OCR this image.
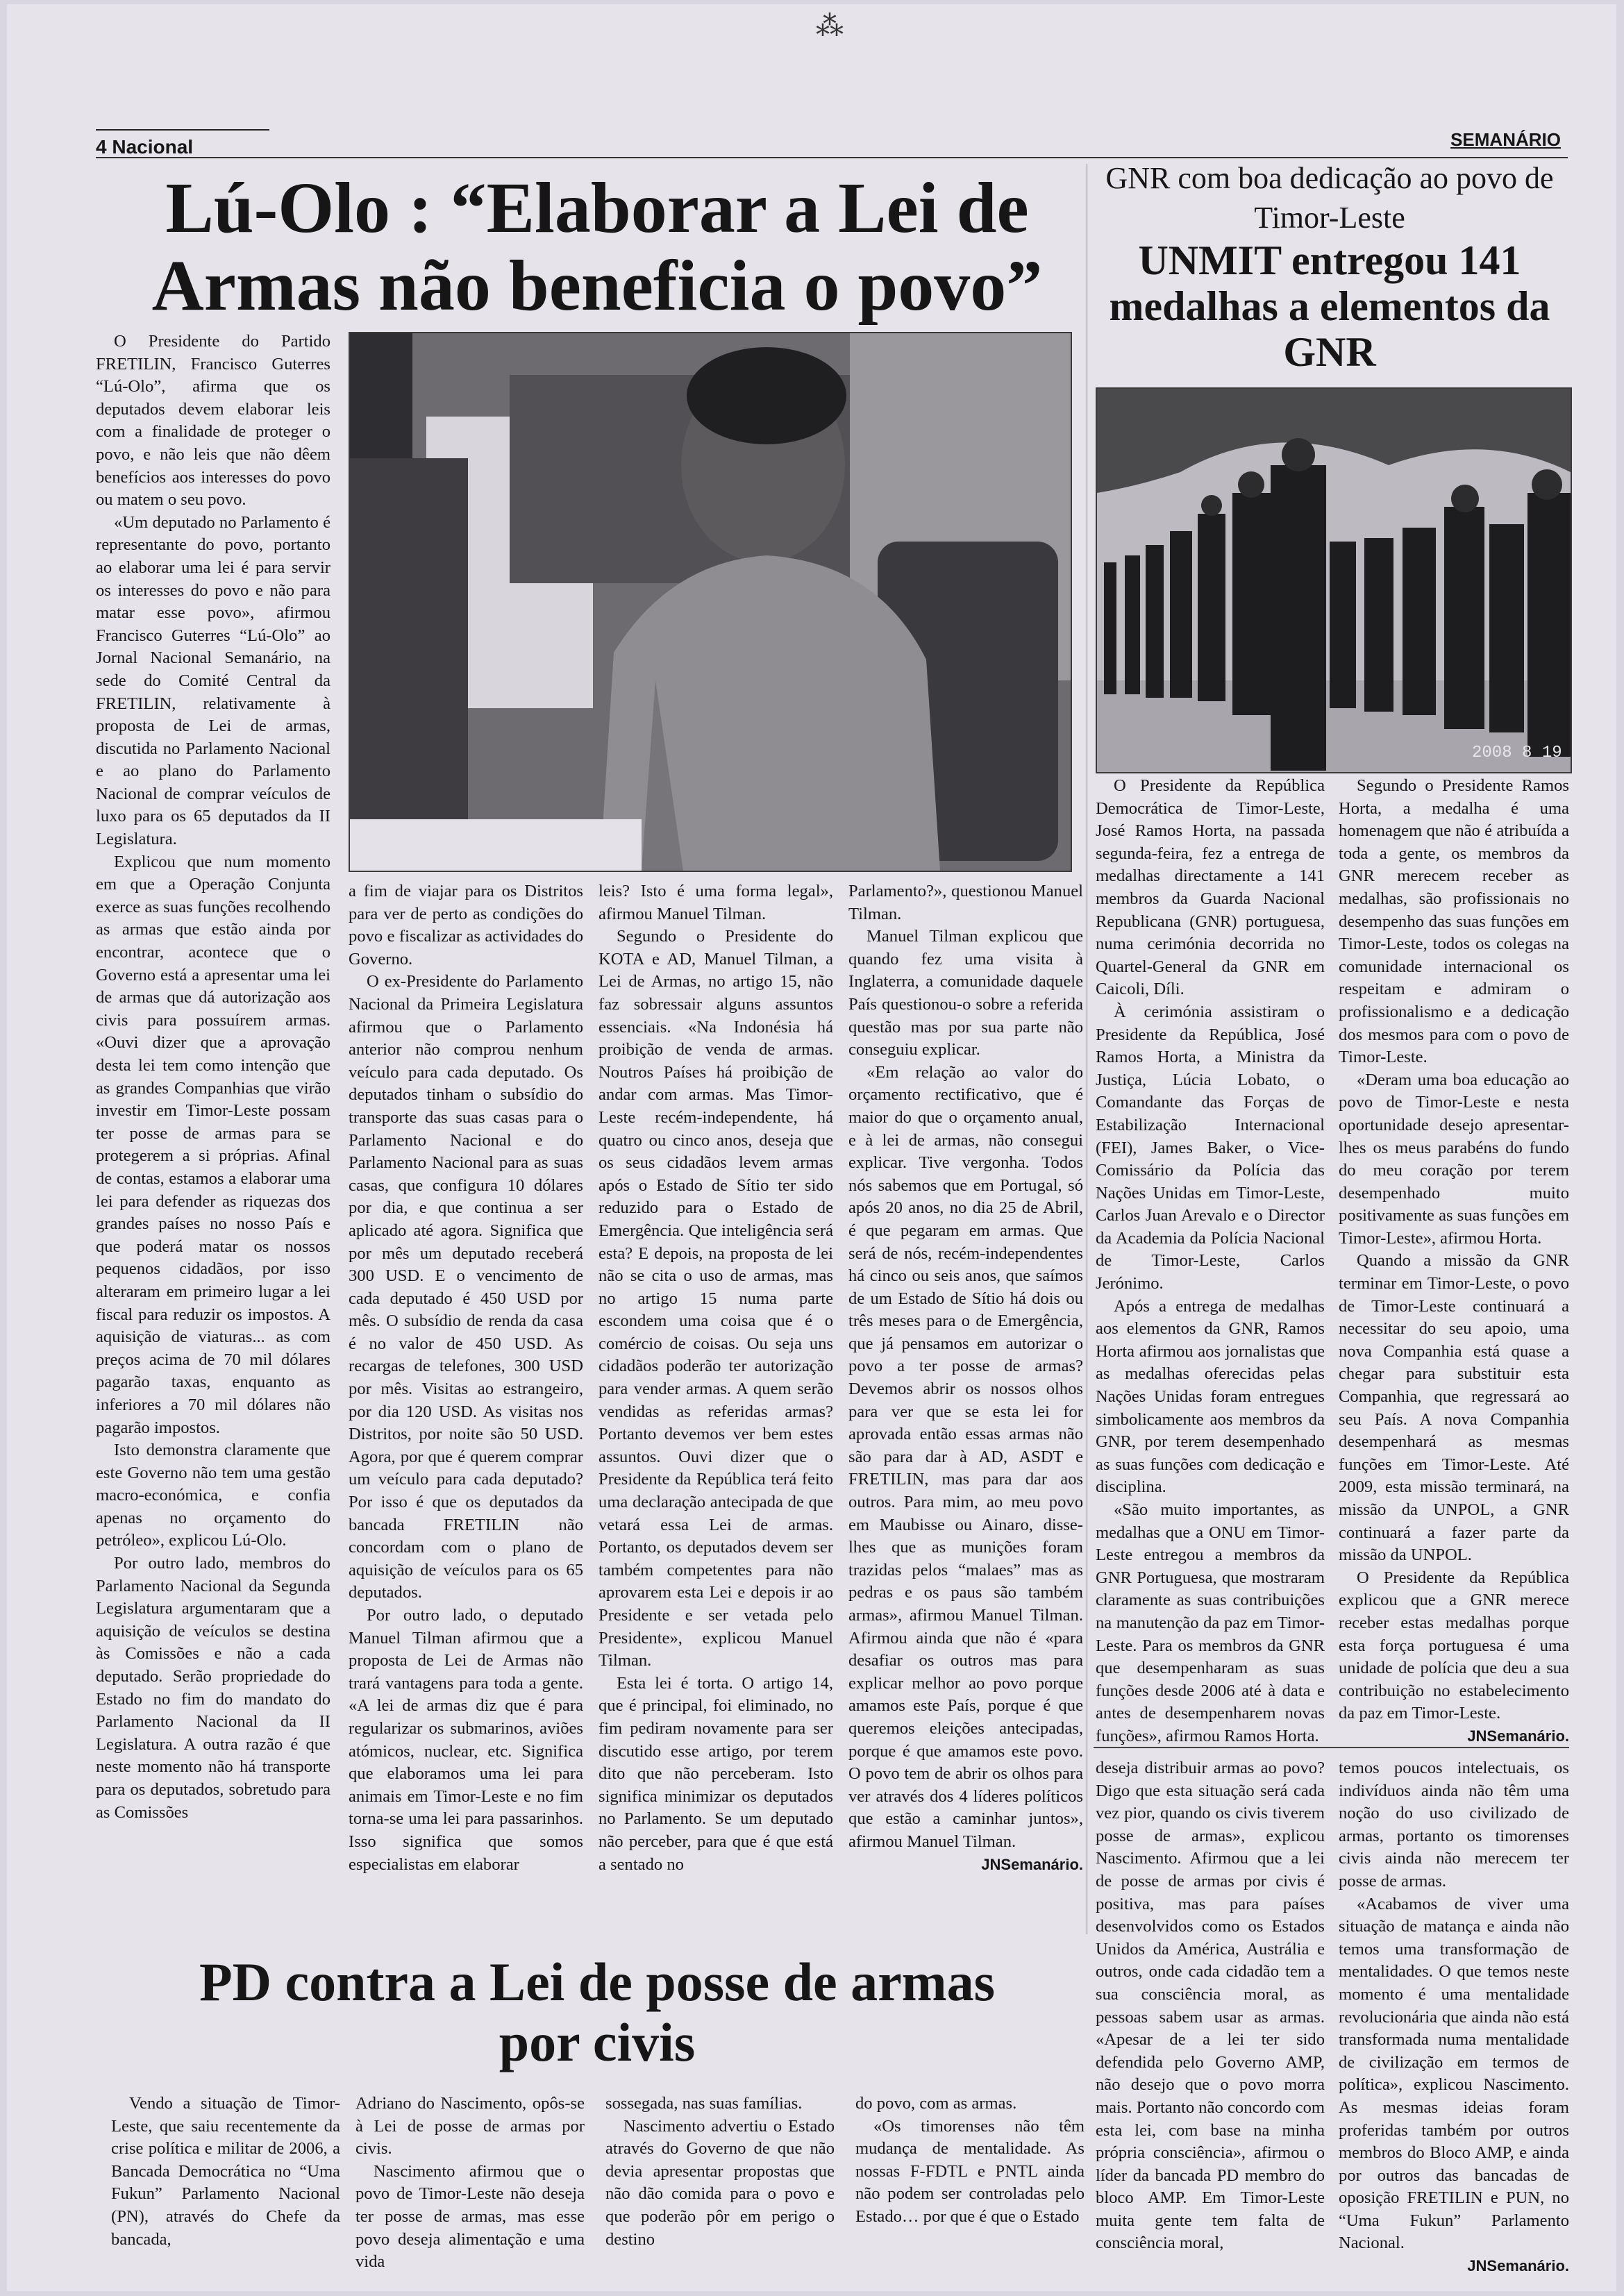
⁂
4 Nacional	SEMANÁRIO
Lú-Olo : “Elaborar a Lei de
Armas não beneficia o povo”
GNR com boa dedicação ao povo de
Timor-Leste
UNMIT entregou 141 medalhas a elementos da GNR
2008 8 19

O Presidente do Partido FRETILIN, Francisco Guterres “Lú-Olo”, afirma que os deputados devem elaborar leis com a finalidade de proteger o povo, e não leis que não dêem benefícios aos interesses do povo ou matem o seu povo.

«Um deputado no Parlamento é representante do povo, portanto ao elaborar uma lei é para servir os interesses do povo e não para matar esse povo», afirmou Francisco Guterres “Lú-Olo” ao Jornal Nacional Semanário, na sede do Comité Central da FRETILIN, relativamente à proposta de Lei de armas, discutida no Parlamento Nacional e ao plano do Parlamento Nacional de comprar veículos de luxo para os 65 deputados da II Legislatura.

Explicou que num momento em que a Operação Conjunta exerce as suas funções recolhendo as armas que estão ainda por encontrar, acontece que o Governo está a apresentar uma lei de armas que dá autorização aos civis para possuírem armas. «Ouvi dizer que a aprovação desta lei tem como intenção que as grandes Companhias que virão investir em Timor-Leste possam ter posse de armas para se protegerem a si próprias. Afinal de contas, estamos a elaborar uma lei para defender as riquezas dos grandes países no nosso País e que poderá matar os nossos pequenos cidadãos, por isso alteraram em primeiro lugar a lei fiscal para reduzir os impostos. A aquisição de viaturas... as com preços acima de 70 mil dólares pagarão taxas, enquanto as inferiores a 70 mil dólares não pagarão impostos.

Isto demonstra claramente que este Governo não tem uma gestão macro-económica, e confia apenas no orçamento do petróleo», explicou Lú-Olo.

Por outro lado, membros do Parlamento Nacional da Segunda Legislatura argumentaram que a aquisição de veículos se destina às Comissões e não a cada deputado. Serão propriedade do Estado no fim do mandato do Parlamento Nacional da II Legislatura. A outra razão é que neste momento não há transporte para os deputados, sobretudo para as Comissões

a fim de viajar para os Distritos para ver de perto as condições do povo e fiscalizar as actividades do Governo.

O ex-Presidente do Parlamento Nacional da Primeira Legislatura afirmou que o Parlamento anterior não comprou nenhum veículo para cada deputado. Os deputados tinham o subsídio do transporte das suas casas para o Parlamento Nacional e do Parlamento Nacional para as suas casas, que configura 10 dólares por dia, e que continua a ser aplicado até agora. Significa que por mês um deputado receberá 300 USD. E o vencimento de cada deputado é 450 USD por mês. O subsídio de renda da casa é no valor de 450 USD. As recargas de telefones, 300 USD por mês. Visitas ao estrangeiro, por dia 120 USD. As visitas nos Distritos, por noite são 50 USD. Agora, por que é querem comprar um veículo para cada deputado? Por isso é que os deputados da bancada FRETILIN não concordam com o plano de aquisição de veículos para os 65 deputados.

Por outro lado, o deputado Manuel Tilman afirmou que a proposta de Lei de Armas não trará vantagens para toda a gente. «A lei de armas diz que é para regularizar os submarinos, aviões atómicos, nuclear, etc. Significa que elaboramos uma lei para animais em Timor-Leste e no fim torna-se uma lei para passarinhos. Isso significa que somos especialistas em elaborar

leis? Isto é uma forma legal», afirmou Manuel Tilman.

Segundo o Presidente do KOTA e AD, Manuel Tilman, a Lei de Armas, no artigo 15, não faz sobressair alguns assuntos essenciais. «Na Indonésia há proibição de venda de armas. Noutros Países há proibição de andar com armas. Mas Timor-Leste recém-independente, há quatro ou cinco anos, deseja que os seus cidadãos levem armas após o Estado de Sítio ter sido reduzido para o Estado de Emergência. Que inteligência será esta? E depois, na proposta de lei não se cita o uso de armas, mas no artigo 15 numa parte escondem uma coisa que é o comércio de coisas. Ou seja uns cidadãos poderão ter autorização para vender armas. A quem serão vendidas as referidas armas? Portanto devemos ver bem estes assuntos. Ouvi dizer que o Presidente da República terá feito uma declaração antecipada de que vetará essa Lei de armas. Portanto, os deputados devem ser também competentes para não aprovarem esta Lei e depois ir ao Presidente e ser vetada pelo Presidente», explicou Manuel Tilman.

Esta lei é torta. O artigo 14, que é principal, foi eliminado, no fim pediram novamente para ser discutido esse artigo, por terem dito que não perceberam. Isto significa minimizar os deputados no Parlamento. Se um deputado não perceber, para que é que está a sentado no

Parlamento?», questionou Manuel Tilman.

Manuel Tilman explicou que quando fez uma visita à Inglaterra, a comunidade daquele País questionou-o sobre a referida questão mas por sua parte não conseguiu explicar.

«Em relação ao valor do orçamento rectificativo, que é maior do que o orçamento anual, e à lei de armas, não consegui explicar. Tive vergonha. Todos nós sabemos que em Portugal, só após 20 anos, no dia 25 de Abril, é que pegaram em armas. Que será de nós, recém-independentes há cinco ou seis anos, que saímos de um Estado de Sítio há dois ou três meses para o de Emergência, que já pensamos em autorizar o povo a ter posse de armas? Devemos abrir os nossos olhos para ver que se esta lei for aprovada então essas armas não são para dar à AD, ASDT e FRETILIN, mas para dar aos outros. Para mim, ao meu povo em Maubisse ou Ainaro, disse-lhes que as munições foram trazidas pelos “malaes” mas as pedras e os paus são também armas», afirmou Manuel Tilman. Afirmou ainda que não é «para desafiar os outros mas para explicar melhor ao povo porque amamos este País, porque é que queremos eleições antecipadas, porque é que amamos este povo. O povo tem de abrir os olhos para ver através dos 4 líderes políticos que estão a caminhar juntos», afirmou Manuel Tilman.

JNSemanário.

O Presidente da República Democrática de Timor-Leste, José Ramos Horta, na passada segunda-feira, fez a entrega de medalhas directamente a 141 membros da Guarda Nacional Republicana (GNR) portuguesa, numa cerimónia decorrida no Quartel-General da GNR em Caicoli, Díli.

À cerimónia assistiram o Presidente da República, José Ramos Horta, a Ministra da Justiça, Lúcia Lobato, o Comandante das Forças de Estabilização Internacional (FEI), James Baker, o Vice-Comissário da Polícia das Nações Unidas em Timor-Leste, Carlos Juan Arevalo e o Director da Academia da Polícia Nacional de Timor-Leste, Carlos Jerónimo.

Após a entrega de medalhas aos elementos da GNR, Ramos Horta afirmou aos jornalistas que as medalhas oferecidas pelas Nações Unidas foram entregues simbolicamente aos membros da GNR, por terem desempenhado as suas funções com dedicação e disciplina.

«São muito importantes, as medalhas que a ONU em Timor-Leste entregou a membros da GNR Portuguesa, que mostraram claramente as suas contribuições na manutenção da paz em Timor-Leste. Para os membros da GNR que desempenharam as suas funções desde 2006 até à data e antes de desempenharem novas funções», afirmou Ramos Horta.

Segundo o Presidente Ramos Horta, a medalha é uma homenagem que não é atribuída a toda a gente, os membros da GNR merecem receber as medalhas, são profissionais no desempenho das suas funções em Timor-Leste, todos os colegas na comunidade internacional os respeitam e admiram o profissionalismo e a dedicação dos mesmos para com o povo de Timor-Leste.

«Deram uma boa educação ao povo de Timor-Leste e nesta oportunidade desejo apresentar-lhes os meus parabéns do fundo do meu coração por terem desempenhado muito positivamente as suas funções em Timor-Leste», afirmou Horta.

Quando a missão da GNR terminar em Timor-Leste, o povo de Timor-Leste continuará a necessitar do seu apoio, uma nova Companhia está quase a chegar para substituir esta Companhia, que regressará ao seu País. A nova Companhia desempenhará as mesmas funções em Timor-Leste. Até 2009, esta missão terminará, na missão da UNPOL, a GNR continuará a fazer parte da missão da UNPOL.

O Presidente da República explicou que a GNR merece receber estas medalhas porque esta força portuguesa é uma unidade de polícia que deu a sua contribuição no estabelecimento da paz em Timor-Leste.

JNSemanário.

PD contra a Lei de posse de armas
por civis

Vendo a situação de Timor-Leste, que saiu recentemente da crise política e militar de 2006, a Bancada Democrática no “Uma Fukun” Parlamento Nacional (PN), através do Chefe da bancada,

Adriano do Nascimento, opôs-se à Lei de posse de armas por civis.

Nascimento afirmou que o povo de Timor-Leste não deseja ter posse de armas, mas esse povo deseja alimentação e uma vida

sossegada, nas suas famílias.

Nascimento advertiu o Estado através do Governo de que não devia apresentar propostas que não dão comida para o povo e que poderão pôr em perigo o destino

do povo, com as armas.

«Os timorenses não têm mudança de mentalidade. As nossas F-FDTL e PNTL ainda não podem ser controladas pelo Estado… por que é que o Estado

deseja distribuir armas ao povo? Digo que esta situação será cada vez pior, quando os civis tiverem posse de armas», explicou Nascimento. Afirmou que a lei de posse de armas por civis é positiva, mas para países desenvolvidos como os Estados Unidos da América, Austrália e outros, onde cada cidadão tem a sua consciência moral, as pessoas sabem usar as armas. «Apesar de a lei ter sido defendida pelo Governo AMP, não desejo que o povo morra mais. Portanto não concordo com esta lei, com base na minha própria consciência», afirmou o líder da bancada PD membro do bloco AMP. Em Timor-Leste muita gente tem falta de consciência moral,

temos poucos intelectuais, os indivíduos ainda não têm uma noção do uso civilizado de armas, portanto os timorenses civis ainda não merecem ter posse de armas.

«Acabamos de viver uma situação de matança e ainda não temos uma transformação de mentalidades. O que temos neste momento é uma mentalidade revolucionária que ainda não está transformada numa mentalidade de civilização em termos de política», explicou Nascimento. As mesmas ideias foram proferidas também por outros membros do Bloco AMP, e ainda por outros das bancadas de oposição FRETILIN e PUN, no “Uma Fukun” Parlamento Nacional.

JNSemanário.
